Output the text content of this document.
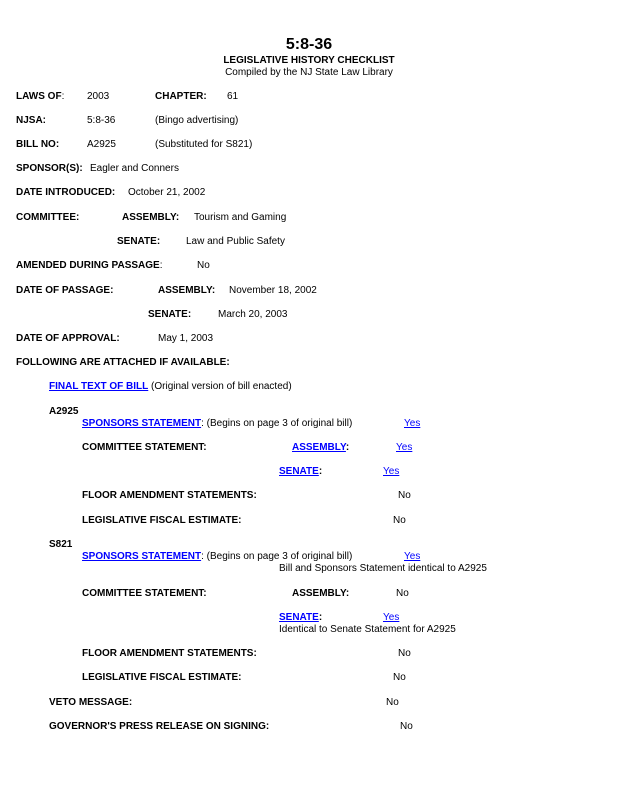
5:8-36
LEGISLATIVE HISTORY CHECKLIST
Compiled by the NJ State Law Library
LAWS OF: 2003	CHAPTER: 61
NJSA:	5:8-36	(Bingo advertising)
BILL NO:	A2925	(Substituted for S821)
SPONSOR(S): Eagler and Conners
DATE INTRODUCED: October 21, 2002
COMMITTEE:	ASSEMBLY: Tourism and Gaming
SENATE:	Law and Public Safety
AMENDED DURING PASSAGE:	No
DATE OF PASSAGE:	ASSEMBLY: November 18, 2002
SENATE:	March 20, 2003
DATE OF APPROVAL:	May 1, 2003
FOLLOWING ARE ATTACHED IF AVAILABLE:
FINAL TEXT OF BILL (Original version of bill enacted)
A2925
SPONSORS STATEMENT: (Begins on page 3 of original bill)	Yes
COMMITTEE STATEMENT:	ASSEMBLY:	Yes
SENATE:	Yes
FLOOR AMENDMENT STATEMENTS:	No
LEGISLATIVE FISCAL ESTIMATE:	No
S821
SPONSORS STATEMENT: (Begins on page 3 of original bill)	Yes
Bill and Sponsors Statement identical to A2925
COMMITTEE STATEMENT:	ASSEMBLY:	No
SENATE:	Yes
Identical to Senate Statement for A2925
FLOOR AMENDMENT STATEMENTS:	No
LEGISLATIVE FISCAL ESTIMATE:	No
VETO MESSAGE:	No
GOVERNOR'S PRESS RELEASE ON SIGNING:	No
